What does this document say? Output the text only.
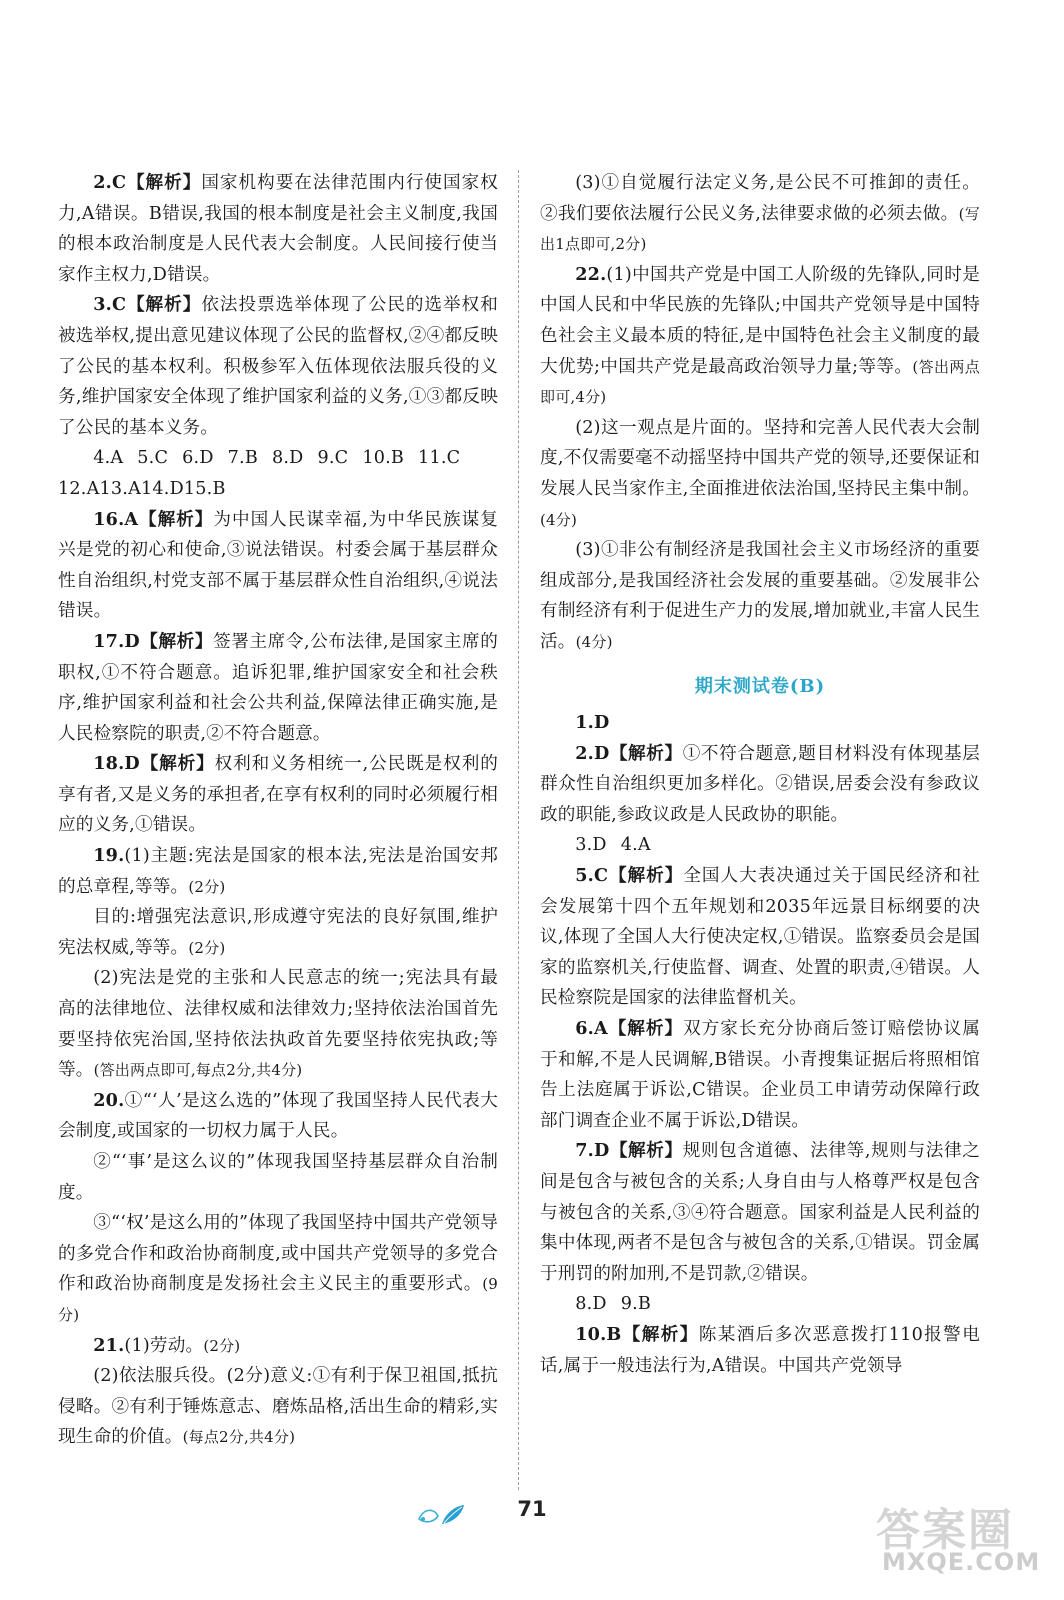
2.C【解析】国家机构要在法律范围内行使国家权力,A错误。B错误,我国的根本制度是社会主义制度,我国的根本政治制度是人民代表大会制度。人民间接行使当家作主权力,D错误。

3.C【解析】依法投票选举体现了公民的选举权和被选举权,提出意见建议体现了公民的监督权,②④都反映了公民的基本权利。积极参军入伍体现依法服兵役的义务,维护国家安全体现了维护国家利益的义务,①③都反映了公民的基本义务。

4.A 5.C 6.D 7.B 8.D 9.C 10.B 11.C

12.A13.A14.D15.B

16.A【解析】为中国人民谋幸福,为中华民族谋复兴是党的初心和使命,③说法错误。村委会属于基层群众性自治组织,村党支部不属于基层群众性自治组织,④说法错误。

17.D【解析】签署主席令,公布法律,是国家主席的职权,①不符合题意。追诉犯罪,维护国家安全和社会秩序,维护国家利益和社会公共利益,保障法律正确实施,是人民检察院的职责,②不符合题意。

18.D【解析】权利和义务相统一,公民既是权利的享有者,又是义务的承担者,在享有权利的同时必须履行相应的义务,①错误。

19.(1)主题:宪法是国家的根本法,宪法是治国安邦的总章程,等等。(2分)

目的:增强宪法意识,形成遵守宪法的良好氛围,维护宪法权威,等等。(2分)

(2)宪法是党的主张和人民意志的统一;宪法具有最高的法律地位、法律权威和法律效力;坚持依法治国首先要坚持依宪治国,坚持依法执政首先要坚持依宪执政;等等。(答出两点即可,每点2分,共4分)

20.①“‘人’是这么选的”体现了我国坚持人民代表大会制度,或国家的一切权力属于人民。

②“‘事’是这么议的”体现我国坚持基层群众自治制度。

③“‘权’是这么用的”体现了我国坚持中国共产党领导的多党合作和政治协商制度,或中国共产党领导的多党合作和政治协商制度是发扬社会主义民主的重要形式。(9分)

21.(1)劳动。(2分)

(2)依法服兵役。(2分)意义:①有利于保卫祖国,抵抗侵略。②有利于锤炼意志、磨炼品格,活出生命的精彩,实现生命的价值。(每点2分,共4分)

(3)①自觉履行法定义务,是公民不可推卸的责任。②我们要依法履行公民义务,法律要求做的必须去做。(写出1点即可,2分)

22.(1)中国共产党是中国工人阶级的先锋队,同时是中国人民和中华民族的先锋队;中国共产党领导是中国特色社会主义最本质的特征,是中国特色社会主义制度的最大优势;中国共产党是最高政治领导力量;等等。(答出两点即可,4分)

(2)这一观点是片面的。坚持和完善人民代表大会制度,不仅需要毫不动摇坚持中国共产党的领导,还要保证和发展人民当家作主,全面推进依法治国,坚持民主集中制。(4分)

(3)①非公有制经济是我国社会主义市场经济的重要组成部分,是我国经济社会发展的重要基础。②发展非公有制经济有利于促进生产力的发展,增加就业,丰富人民生活。(4分)

期末测试卷(B)

1.D

2.D【解析】①不符合题意,题目材料没有体现基层群众性自治组织更加多样化。②错误,居委会没有参政议政的职能,参政议政是人民政协的职能。

3.D 4.A

5.C【解析】全国人大表决通过关于国民经济和社会发展第十四个五年规划和2035年远景目标纲要的决议,体现了全国人大行使决定权,①错误。监察委员会是国家的监察机关,行使监督、调查、处置的职责,④错误。人民检察院是国家的法律监督机关。

6.A【解析】双方家长充分协商后签订赔偿协议属于和解,不是人民调解,B错误。小青搜集证据后将照相馆告上法庭属于诉讼,C错误。企业员工申请劳动保障行政部门调查企业不属于诉讼,D错误。

7.D【解析】规则包含道德、法律等,规则与法律之间是包含与被包含的关系;人身自由与人格尊严权是包含与被包含的关系,③④符合题意。国家利益是人民利益的集中体现,两者不是包含与被包含的关系,①错误。罚金属于刑罚的附加刑,不是罚款,②错误。

8.D 9.B

10.B【解析】陈某酒后多次恶意拨打110报警电话,属于一般违法行为,A错误。中国共产党领导

71	答案圈
MXQE.COM
